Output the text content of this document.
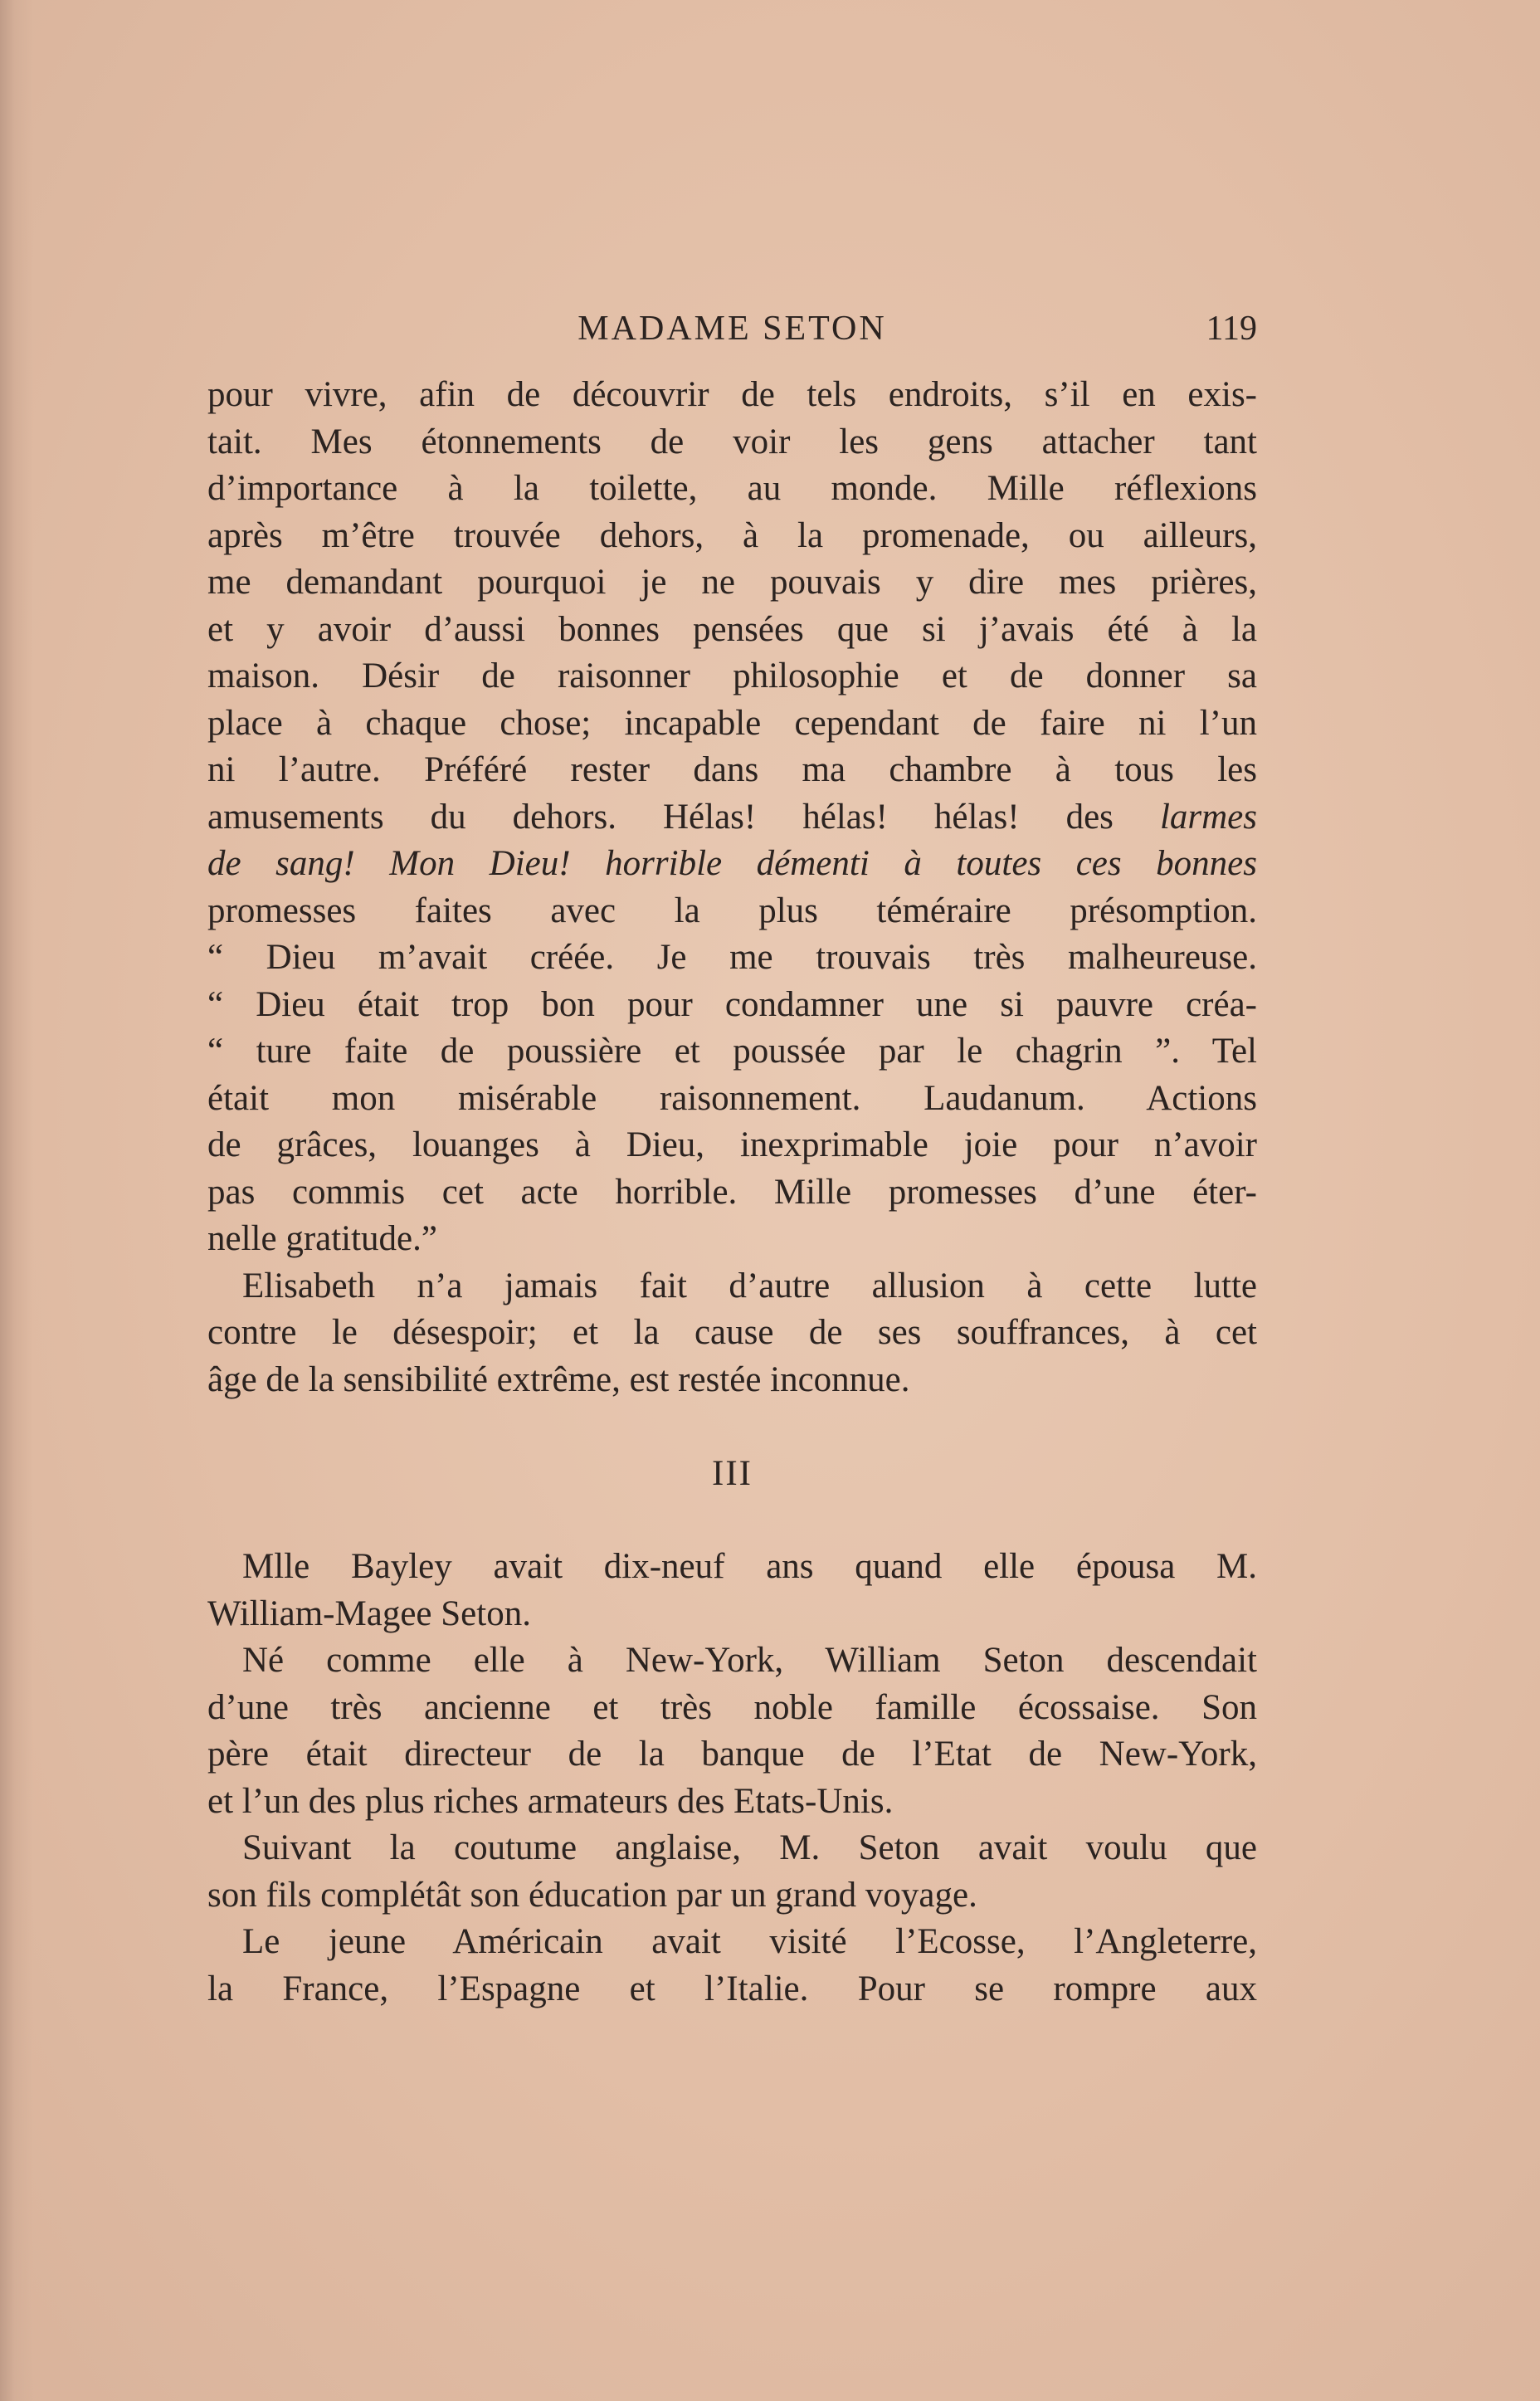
MADAME SETON	119
pour vivre, afin de découvrir de tels endroits, s’il en exis-
tait. Mes étonnements de voir les gens attacher tant
d’importance à la toilette, au monde. Mille réflexions
après m’être trouvée dehors, à la promenade, ou ailleurs,
me demandant pourquoi je ne pouvais y dire mes prières,
et y avoir d’aussi bonnes pensées que si j’avais été à la
maison. Désir de raisonner philosophie et de donner sa
place à chaque chose; incapable cependant de faire ni l’un
ni l’autre. Préféré rester dans ma chambre à tous les
amusements du dehors. Hélas! hélas! hélas! des larmes
de sang! Mon Dieu! horrible démenti à toutes ces bonnes
promesses faites avec la plus téméraire présomption.
“ Dieu m’avait créée. Je me trouvais très malheureuse.
“ Dieu était trop bon pour condamner une si pauvre créa-
“ ture faite de poussière et poussée par le chagrin ”. Tel
était mon misérable raisonnement. Laudanum. Actions
de grâces, louanges à Dieu, inexprimable joie pour n’avoir
pas commis cet acte horrible. Mille promesses d’une éter-
nelle gratitude.”
Elisabeth n’a jamais fait d’autre allusion à cette lutte
contre le désespoir; et la cause de ses souffrances, à cet
âge de la sensibilité extrême, est restée inconnue.
III
Mlle Bayley avait dix-neuf ans quand elle épousa M.
William-Magee Seton.
Né comme elle à New-York, William Seton descendait
d’une très ancienne et très noble famille écossaise. Son
père était directeur de la banque de l’Etat de New-York,
et l’un des plus riches armateurs des Etats-Unis.
Suivant la coutume anglaise, M. Seton avait voulu que
son fils complétât son éducation par un grand voyage.
Le jeune Américain avait visité l’Ecosse, l’Angleterre,
la France, l’Espagne et l’Italie. Pour se rompre aux
